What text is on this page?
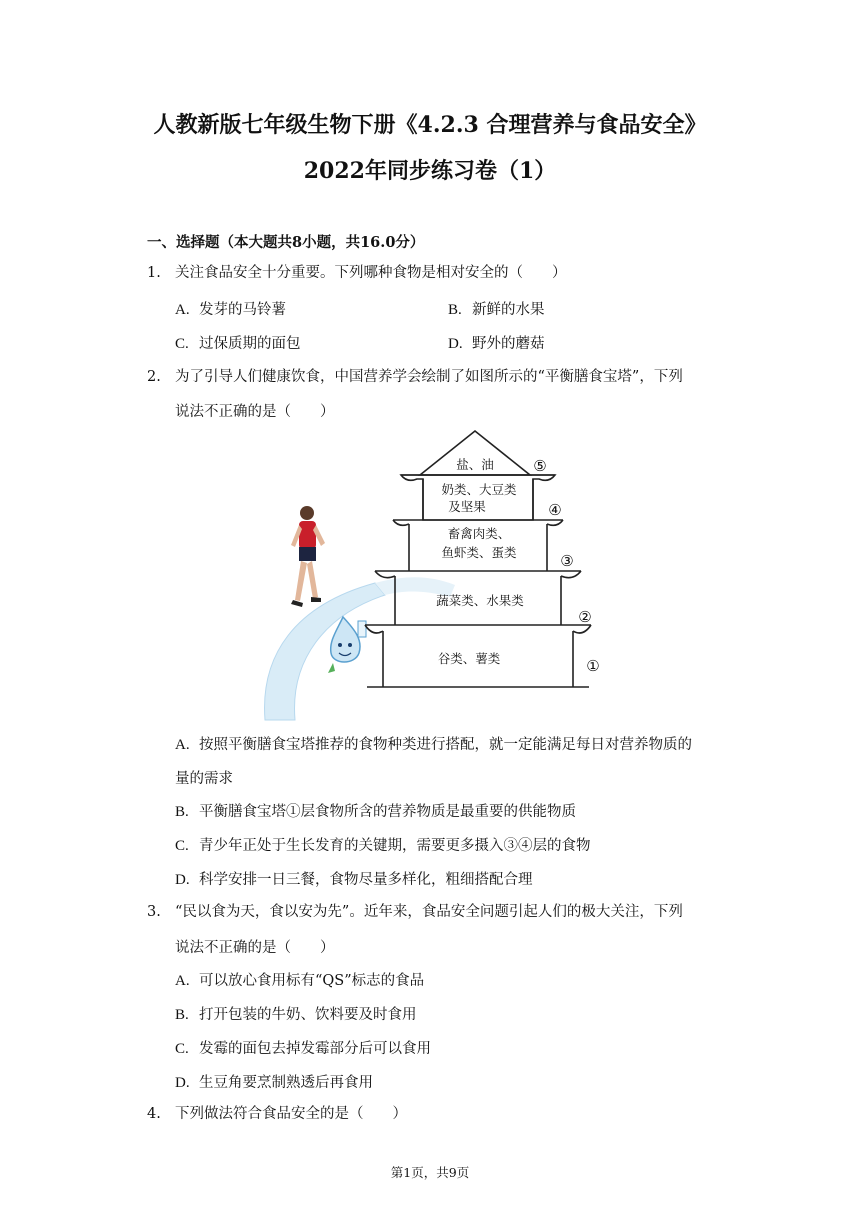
人教新版七年级生物下册《4.2.3 合理营养与食品安全》
2022年同步练习卷（1）
一、选择题（本大题共8小题，共16.0分）
1. 关注食品安全十分重要。下列哪种食物是相对安全的（　　）
A. 发芽的马铃薯	B. 新鲜的水果
C. 过保质期的面包	D. 野外的蘑菇
2. 为了引导人们健康饮食，中国营养学会绘制了如图所示的“平衡膳食宝塔”，下列
说法不正确的是（　　）
盐、油
奶类、大豆类
及坚果
畜禽肉类、
鱼虾类、蛋类
蔬菜类、水果类
谷类、薯类
⑤
④
③
②
①
A. 按照平衡膳食宝塔推荐的食物种类进行搭配，就一定能满足每日对营养物质的
量的需求
B. 平衡膳食宝塔①层食物所含的营养物质是最重要的供能物质
C. 青少年正处于生长发育的关键期，需要更多摄入③④层的食物
D. 科学安排一日三餐，食物尽量多样化，粗细搭配合理
3. “民以食为天，食以安为先”。近年来，食品安全问题引起人们的极大关注，下列
说法不正确的是（　　）
A. 可以放心食用标有“QS”标志的食品
B. 打开包装的牛奶、饮料要及时食用
C. 发霉的面包去掉发霉部分后可以食用
D. 生豆角要烹制熟透后再食用
4. 下列做法符合食品安全的是（　　）
第1页，共9页
